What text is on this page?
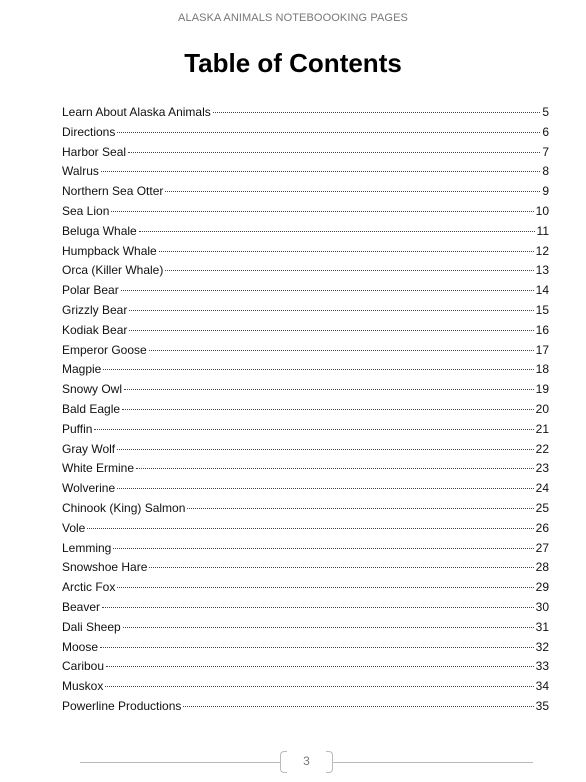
ALASKA ANIMALS NOTEBOOOKING PAGES
Table of Contents
Learn About Alaska Animals	5
Directions	6
Harbor Seal	7
Walrus	8
Northern Sea Otter	9
Sea Lion	10
Beluga Whale	11
Humpback Whale	12
Orca (Killer Whale)	13
Polar Bear	14
Grizzly Bear	15
Kodiak Bear	16
Emperor Goose	17
Magpie	18
Snowy Owl	19
Bald Eagle	20
Puffin	21
Gray Wolf	22
White Ermine	23
Wolverine	24
Chinook (King) Salmon	25
Vole	26
Lemming	27
Snowshoe Hare	28
Arctic Fox	29
Beaver	30
Dali Sheep	31
Moose	32
Caribou	33
Muskox	34
Powerline Productions	35
3
